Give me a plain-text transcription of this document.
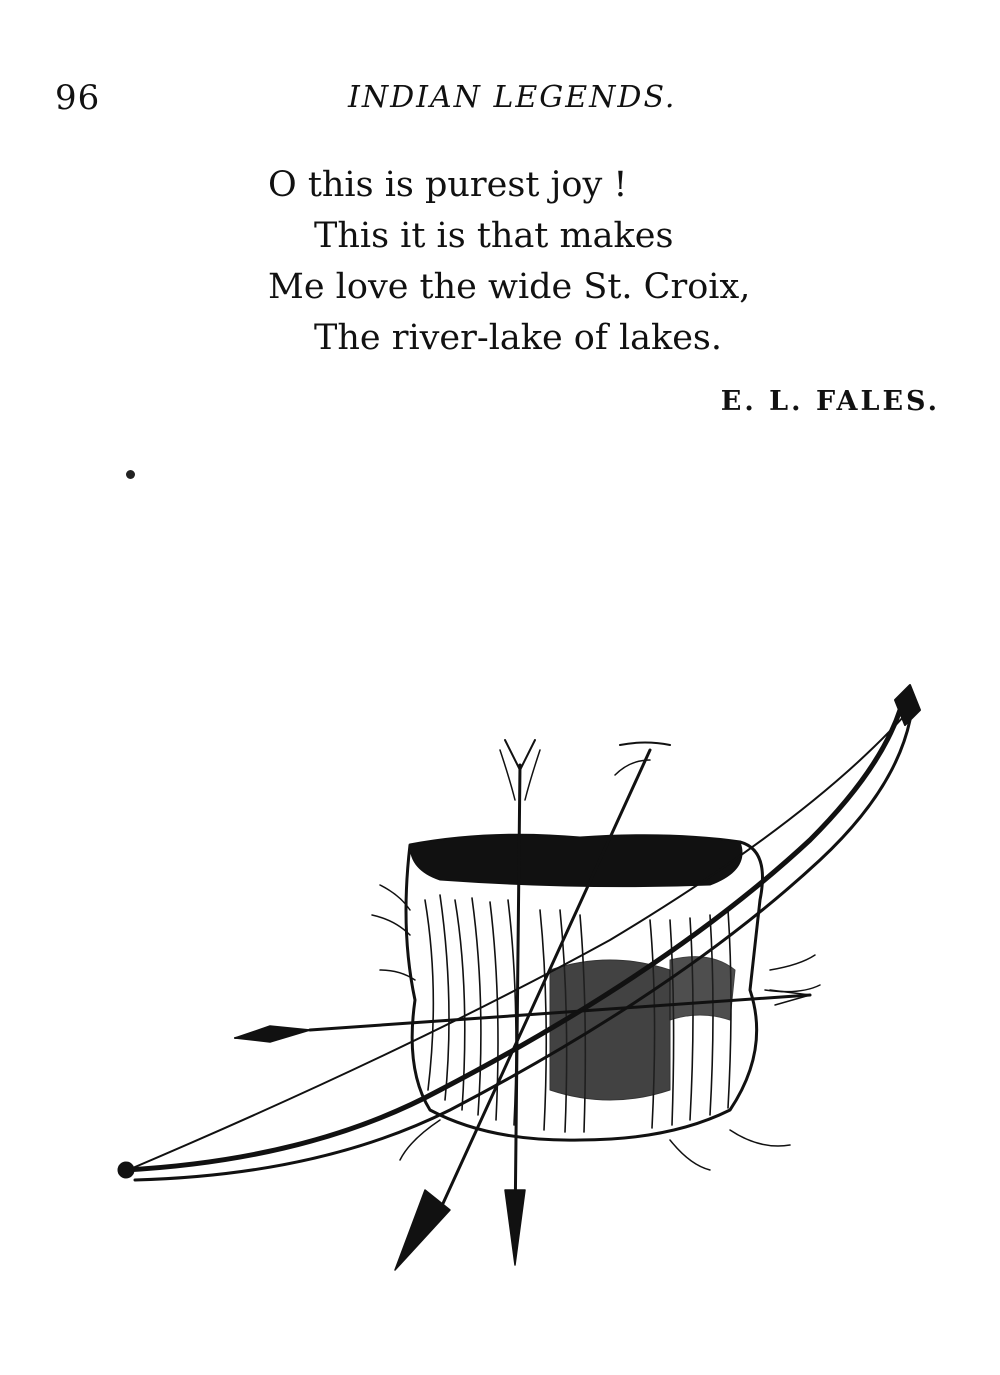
96	INDIAN LEGENDS.
O this is purest joy !
This it is that makes
Me love the wide St. Croix,
The river-lake of lakes.
E. L. FALES.
